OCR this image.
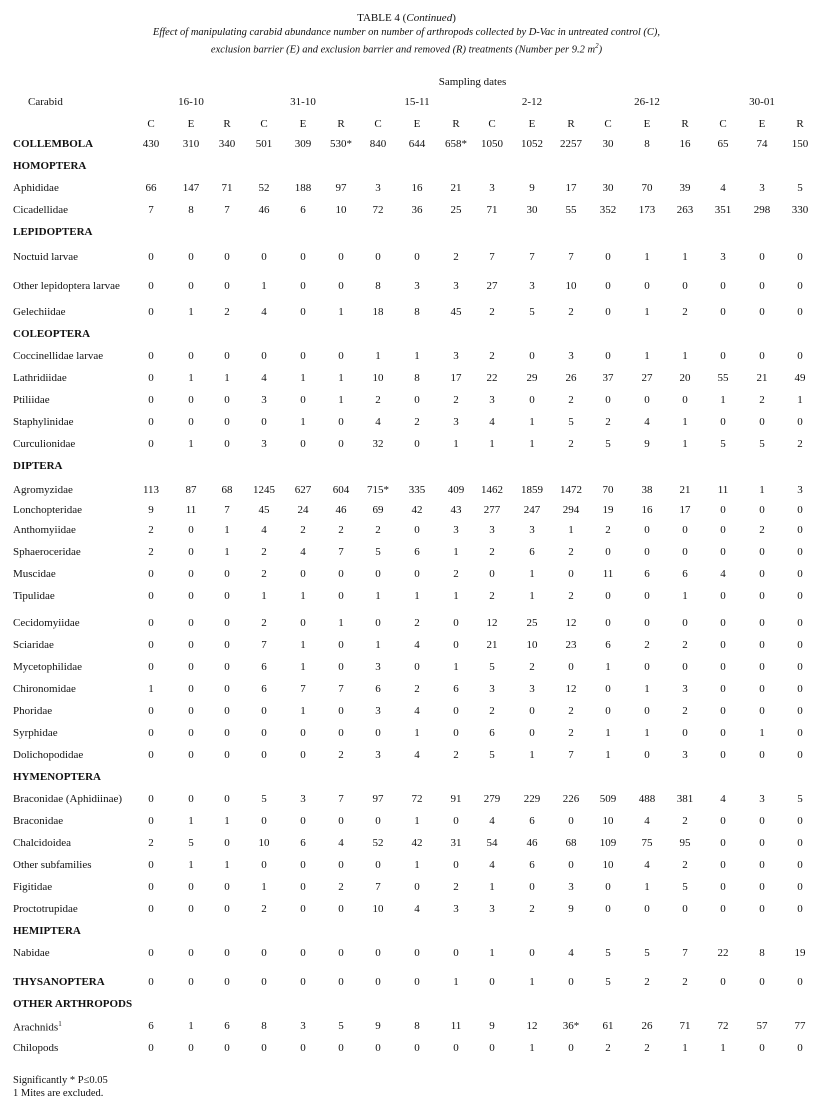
TABLE 4 (Continued)
Effect of manipulating carabid abundance number on number of arthropods collected by D-Vac in untreated control (C),
exclusion barrier (E) and exclusion barrier and removed (R) treatments (Number per 9.2 $m^2$)
Sampling dates
Carabid	16-10	31-10	15-11	2-12	26-12	30-01
C	E	R	C	E	R	C	E	R	C	E	R	C	E	R	C	E	R
COLLEMBOLA	430	310	340	501	309	530*	840	644	658*	1050	1052	2257	30	8	16	65	74	150
HOMOPTERA
Aphididae	66	147	71	52	188	97	3	16	21	3	9	17	30	70	39	4	3	5
Cicadellidae	7	8	7	46	6	10	72	36	25	71	30	55	352	173	263	351	298	330
LEPIDOPTERA
Noctuid larvae	0	0	0	0	0	0	0	0	2	7	7	7	0	1	1	3	0	0
Other lepidoptera larvae	0	0	0	1	0	0	8	3	3	27	3	10	0	0	0	0	0	0
Gelechiidae	0	1	2	4	0	1	18	8	45	2	5	2	0	1	2	0	0	0
COLEOPTERA
Coccinellidae larvae	0	0	0	0	0	0	1	1	3	2	0	3	0	1	1	0	0	0
Lathridiidae	0	1	1	4	1	1	10	8	17	22	29	26	37	27	20	55	21	49
Ptiliidae	0	0	0	3	0	1	2	0	2	3	0	2	0	0	0	1	2	1
Staphylinidae	0	0	0	0	1	0	4	2	3	4	1	5	2	4	1	0	0	0
Curculionidae	0	1	0	3	0	0	32	0	1	1	1	2	5	9	1	5	5	2
DIPTERA
Agromyzidae	113	87	68	1245	627	604	715*	335	409	1462	1859	1472	70	38	21	11	1	3
Lonchopteridae	9	11	7	45	24	46	69	42	43	277	247	294	19	16	17	0	0	0
Anthomyiidae	2	0	1	4	2	2	2	0	3	3	3	1	2	0	0	0	2	0
Sphaeroceridae	2	0	1	2	4	7	5	6	1	2	6	2	0	0	0	0	0	0
Muscidae	0	0	0	2	0	0	0	0	2	0	1	0	11	6	6	4	0	0
Tipulidae	0	0	0	1	1	0	1	1	1	2	1	2	0	0	1	0	0	0
Cecidomyiidae	0	0	0	2	0	1	0	2	0	12	25	12	0	0	0	0	0	0
Sciaridae	0	0	0	7	1	0	1	4	0	21	10	23	6	2	2	0	0	0
Mycetophilidae	0	0	0	6	1	0	3	0	1	5	2	0	1	0	0	0	0	0
Chironomidae	1	0	0	6	7	7	6	2	6	3	3	12	0	1	3	0	0	0
Phoridae	0	0	0	0	1	0	3	4	0	2	0	2	0	0	2	0	0	0
Syrphidae	0	0	0	0	0	0	0	1	0	6	0	2	1	1	0	0	1	0
Dolichopodidae	0	0	0	0	0	2	3	4	2	5	1	7	1	0	3	0	0	0
HYMENOPTERA
Braconidae (Aphidiinae)	0	0	0	5	3	7	97	72	91	279	229	226	509	488	381	4	3	5
Braconidae	0	1	1	0	0	0	0	1	0	4	6	0	10	4	2	0	0	0
Chalcidoidea	2	5	0	10	6	4	52	42	31	54	46	68	109	75	95	0	0	0
Other subfamilies	0	1	1	0	0	0	0	1	0	4	6	0	10	4	2	0	0	0
Figitidae	0	0	0	1	0	2	7	0	2	1	0	3	0	1	5	0	0	0
Proctotrupidae	0	0	0	2	0	0	10	4	3	3	2	9	0	0	0	0	0	0
HEMIPTERA
Nabidae	0	0	0	0	0	0	0	0	0	1	0	4	5	5	7	22	8	19
THYSANOPTERA	0	0	0	0	0	0	0	0	1	0	1	0	5	2	2	0	0	0
OTHER ARTHROPODS
Arachnids$^1$	6	1	6	8	3	5	9	8	11	9	12	36*	61	26	71	72	57	77
Chilopods	0	0	0	0	0	0	0	0	0	0	1	0	2	2	1	1	0	0
Significantly * P≤0.05
1 Mites are excluded.
